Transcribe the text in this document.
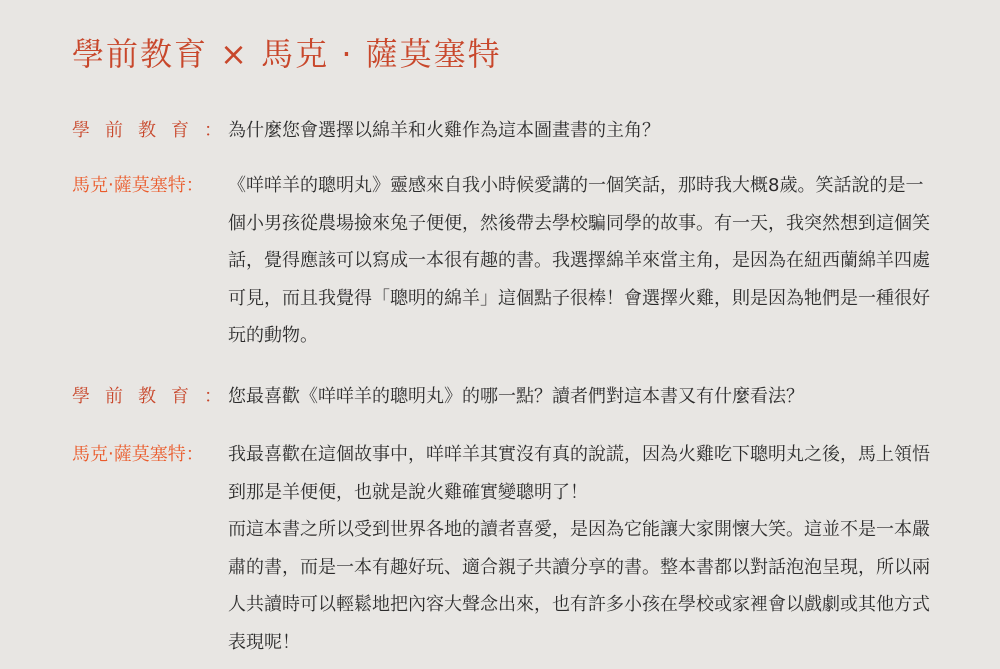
學前教育 × 馬克 · 薩莫塞特
學前教育： 為什麼您會選擇以綿羊和火雞作為這本圖畫書的主角？

馬克‧薩莫塞特：	《咩咩羊的聰明丸》靈感來自我小時候愛講的一個笑話，那時我大概8歲。笑話說的是一個小男孩從農場撿來兔子便便，然後帶去學校騙同學的故事。有一天，我突然想到這個笑話，覺得應該可以寫成一本很有趣的書。我選擇綿羊來當主角，是因為在紐西蘭綿羊四處可見，而且我覺得「聰明的綿羊」這個點子很棒！會選擇火雞，則是因為牠們是一種很好玩的動物。

學前教育： 您最喜歡《咩咩羊的聰明丸》的哪一點？讀者們對這本書又有什麼看法？

馬克‧薩莫塞特：	我最喜歡在這個故事中，咩咩羊其實沒有真的說謊，因為火雞吃下聰明丸之後，馬上領悟到那是羊便便，也就是說火雞確實變聰明了！

而這本書之所以受到世界各地的讀者喜愛，是因為它能讓大家開懷大笑。這並不是一本嚴肅的書，而是一本有趣好玩、適合親子共讀分享的書。整本書都以對話泡泡呈現，所以兩人共讀時可以輕鬆地把內容大聲念出來，也有許多小孩在學校或家裡會以戲劇或其他方式表現呢！
